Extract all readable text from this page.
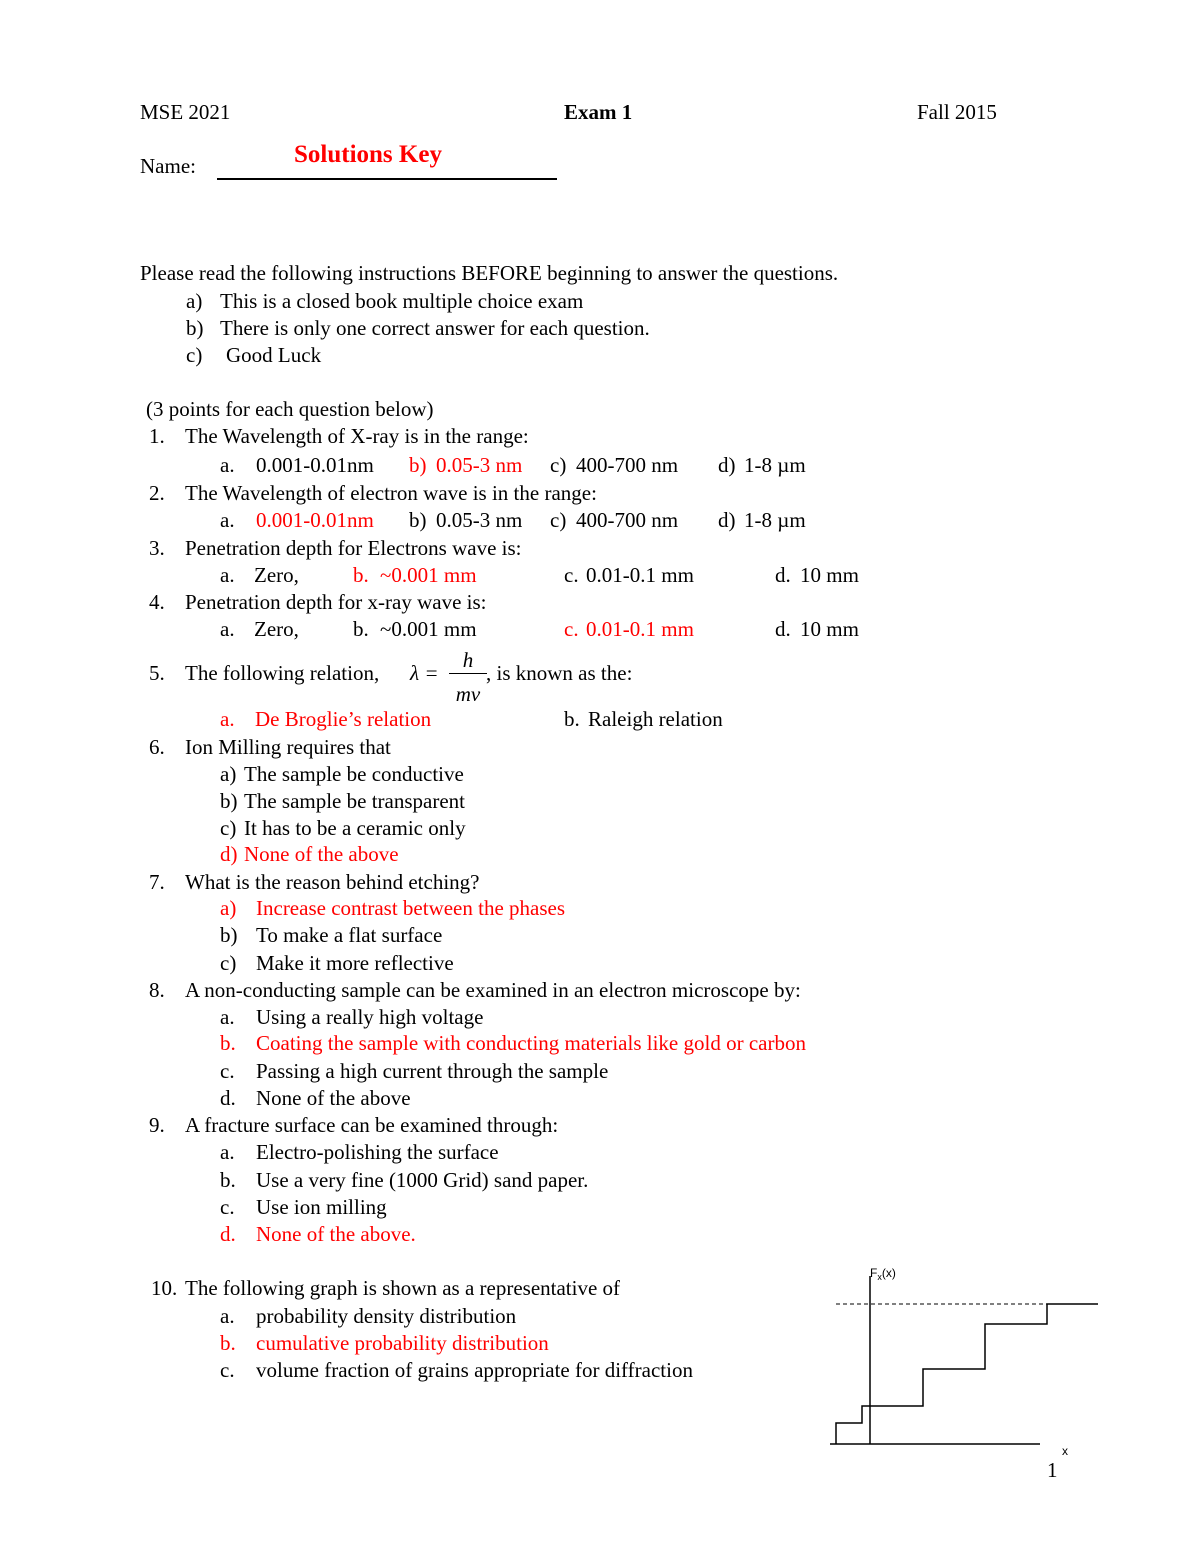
MSE 2021	Exam 1	Fall 2015
Name:	Solutions Key
Please read the following instructions BEFORE beginning to answer the questions.
a) This is a closed book multiple choice exam
b) There is only one correct answer for each question.
c) Good Luck
(3 points for each question below)
1. The Wavelength of X-ray is in the range:
a. 0.001-0.01nm b) 0.05-3 nm c) 400-700 nm d) 1-8 µm
2. The Wavelength of electron wave is in the range:
a. 0.001-0.01nm b) 0.05-3 nm c) 400-700 nm d) 1-8 µm
3. Penetration depth for Electrons wave is:
a. Zero,	b. ~0.001 mm	c. 0.01-0.1 mm	d. 10 mm
4. Penetration depth for x-ray wave is:
a. Zero,	b. ~0.001 mm	c. 0.01-0.1 mm	d. 10 mm
5. The following relation, λ =
h
mv
, is known as the:
a. De Broglie’s relation	b. Raleigh relation
6. Ion Milling requires that
a) The sample be conductive
b) The sample be transparent
c) It has to be a ceramic only
d) None of the above
7. What is the reason behind etching?
a) Increase contrast between the phases
b) To make a flat surface
c) Make it more reflective
8. A non-conducting sample can be examined in an electron microscope by:
a. Using a really high voltage
b. Coating the sample with conducting materials like gold or carbon
c. Passing a high current through the sample
d. None of the above
9. A fracture surface can be examined through:
a. Electro-polishing the surface
b. Use a very fine (1000 Grid) sand paper.
c. Use ion milling
d. None of the above.
10. The following graph is shown as a representative of
a. probability density distribution
b. cumulative probability distribution
c. volume fraction of grains appropriate for diffraction
$F_x(x)$
x
1
